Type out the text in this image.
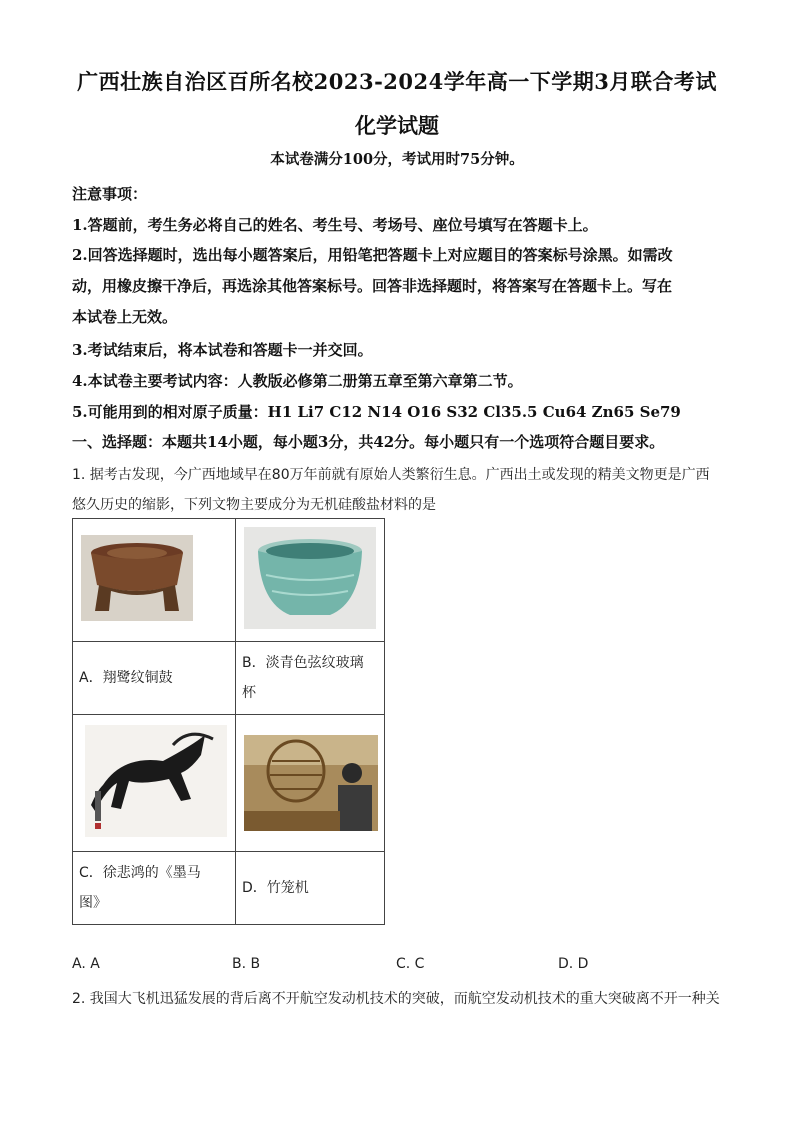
广西壮族自治区百所名校2023-2024学年高一下学期3月联合考试
化学试题
本试卷满分100分，考试用时75分钟。
注意事项：
1.答题前，考生务必将自己的姓名、考生号、考场号、座位号填写在答题卡上。
2.回答选择题时，选出每小题答案后，用铅笔把答题卡上对应题目的答案标号涂黑。如需改
动，用橡皮擦干净后，再选涂其他答案标号。回答非选择题时，将答案写在答题卡上。写在
本试卷上无效。
3.考试结束后，将本试卷和答题卡一并交回。
4.本试卷主要考试内容：人教版必修第二册第五章至第六章第二节。
5.可能用到的相对原子质量：H1 Li7 C12 N14 O16 S32 Cl35.5 Cu64 Zn65 Se79
一、选择题：本题共14小题，每小题3分，共42分。每小题只有一个选项符合题目要求。
1. 据考古发现，今广西地域早在80万年前就有原始人类繁衍生息。广西出土或发现的精美文物更是广西
悠久历史的缩影，下列文物主要成分为无机硅酸盐材料的是

A．翔鹭纹铜鼓	B．淡青色弦纹玻璃
杯

C．徐悲鸿的《墨马
图》	D．竹笼机
A. A	B. B	C. C	D. D
2. 我国大飞机迅猛发展的背后离不开航空发动机技术的突破，而航空发动机技术的重大突破离不开一种关
